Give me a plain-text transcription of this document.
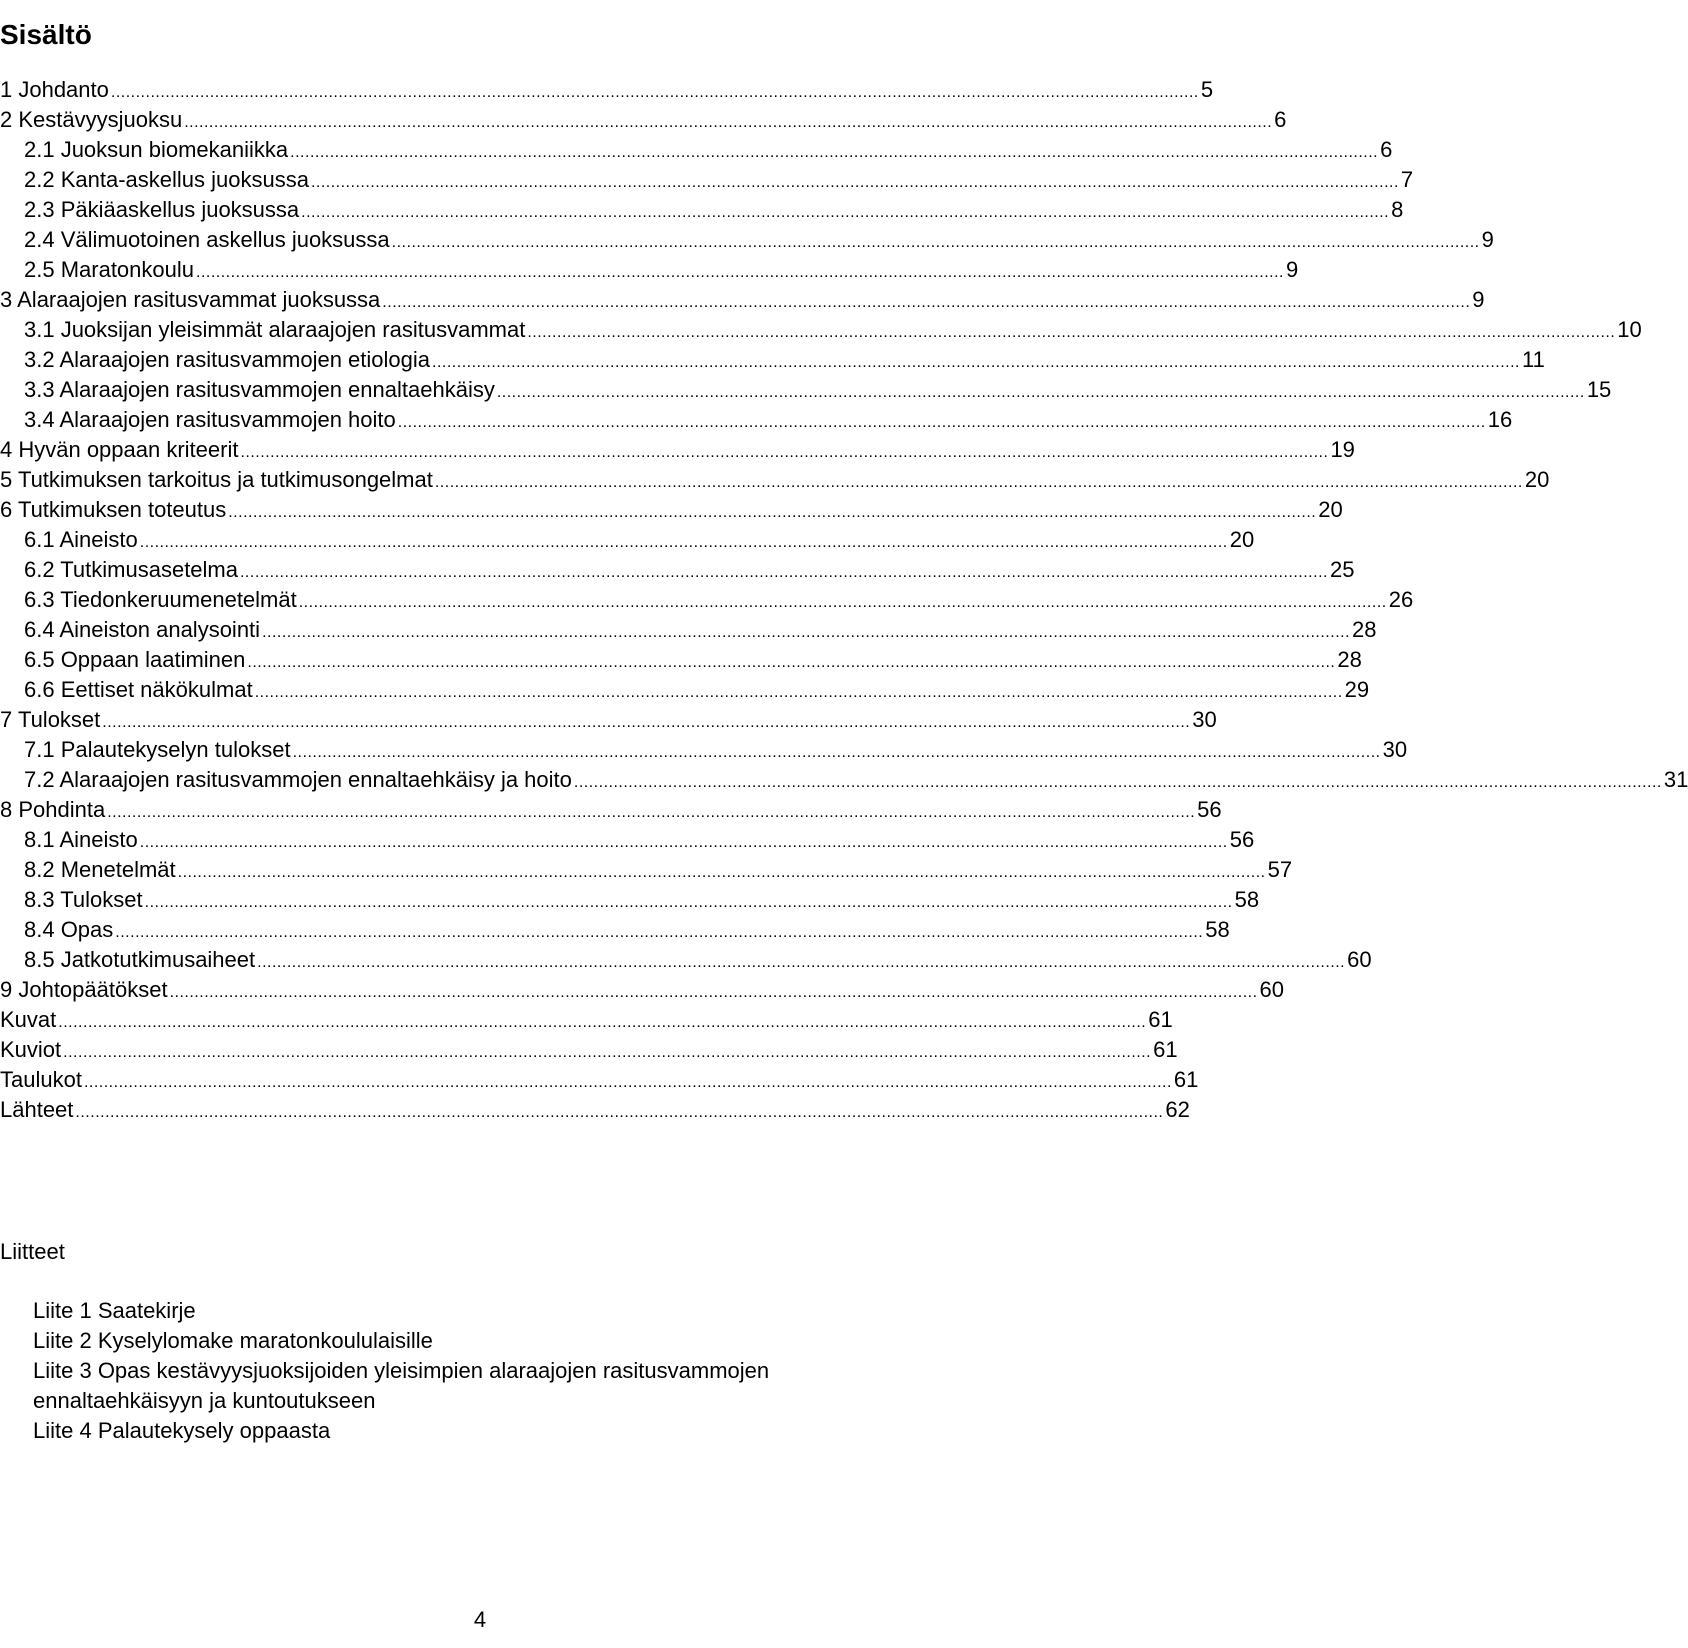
Sisältö
1 Johdanto ............................................................................................................................................................................................................................ 5
2 Kestävyysjuoksu ............................................................................................................................................................................................................................ 6
2.1 Juoksun biomekaniikka ............................................................................................................................................................................................................................ 6
2.2 Kanta-askellus juoksussa ............................................................................................................................................................................................................................ 7
2.3 Päkiäaskellus juoksussa ............................................................................................................................................................................................................................ 8
2.4 Välimuotoinen askellus juoksussa ............................................................................................................................................................................................................................ 9
2.5 Maratonkoulu ............................................................................................................................................................................................................................ 9
3 Alaraajojen rasitusvammat juoksussa ............................................................................................................................................................................................................................ 9
3.1 Juoksijan yleisimmät alaraajojen rasitusvammat ............................................................................................................................................................................................................................ 10
3.2 Alaraajojen rasitusvammojen etiologia ............................................................................................................................................................................................................................ 11
3.3 Alaraajojen rasitusvammojen ennaltaehkäisy ............................................................................................................................................................................................................................ 15
3.4 Alaraajojen rasitusvammojen hoito ............................................................................................................................................................................................................................ 16
4 Hyvän oppaan kriteerit ............................................................................................................................................................................................................................ 19
5 Tutkimuksen tarkoitus ja tutkimusongelmat ............................................................................................................................................................................................................................ 20
6 Tutkimuksen toteutus ............................................................................................................................................................................................................................ 20
6.1 Aineisto ............................................................................................................................................................................................................................ 20
6.2 Tutkimusasetelma ............................................................................................................................................................................................................................ 25
6.3 Tiedonkeruumenetelmät ............................................................................................................................................................................................................................ 26
6.4 Aineiston analysointi ............................................................................................................................................................................................................................ 28
6.5 Oppaan laatiminen ............................................................................................................................................................................................................................ 28
6.6 Eettiset näkökulmat ............................................................................................................................................................................................................................ 29
7 Tulokset ............................................................................................................................................................................................................................ 30
7.1 Palautekyselyn tulokset ............................................................................................................................................................................................................................ 30
7.2 Alaraajojen rasitusvammojen ennaltaehkäisy ja hoito ............................................................................................................................................................................................................................ 31
8 Pohdinta ............................................................................................................................................................................................................................ 56
8.1 Aineisto ............................................................................................................................................................................................................................ 56
8.2 Menetelmät ............................................................................................................................................................................................................................ 57
8.3 Tulokset ............................................................................................................................................................................................................................ 58
8.4 Opas ............................................................................................................................................................................................................................ 58
8.5 Jatkotutkimusaiheet ............................................................................................................................................................................................................................ 60
9 Johtopäätökset ............................................................................................................................................................................................................................ 60
Kuvat ............................................................................................................................................................................................................................ 61
Kuviot ............................................................................................................................................................................................................................ 61
Taulukot ............................................................................................................................................................................................................................ 61
Lähteet ............................................................................................................................................................................................................................ 62
Liitteet
Liite 1 Saatekirje
Liite 2 Kyselylomake maratonkoululaisille
Liite 3 Opas kestävyysjuoksijoiden yleisimpien alaraajojen rasitusvammojen
ennaltaehkäisyyn ja kuntoutukseen
Liite 4 Palautekysely oppaasta
4
